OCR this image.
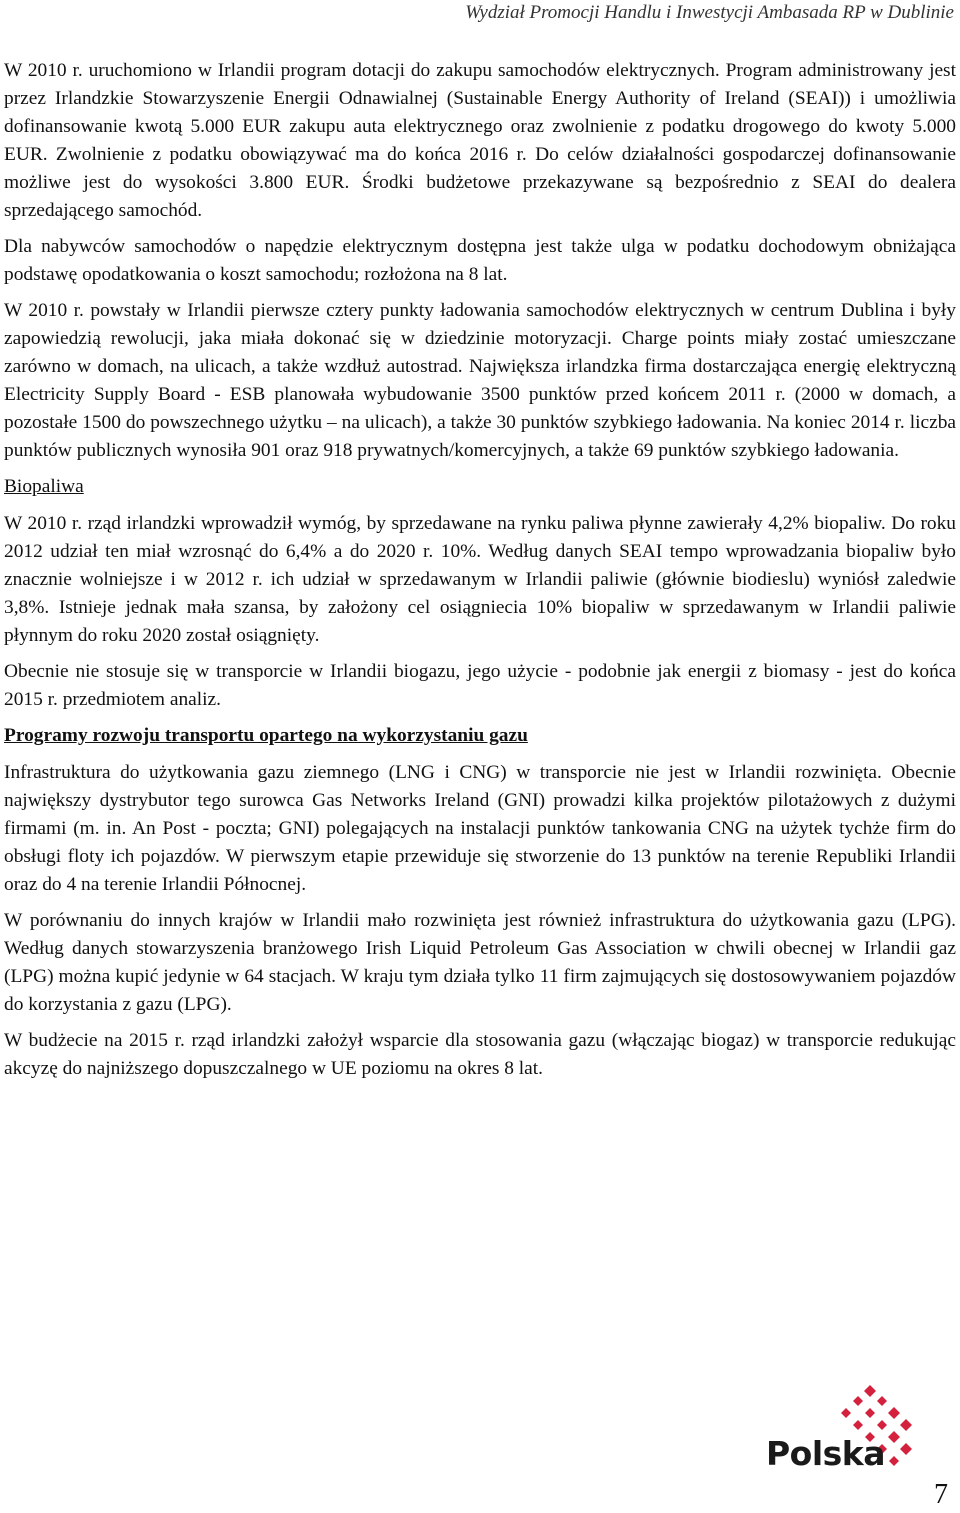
Wydział Promocji Handlu i Inwestycji Ambasada RP w Dublinie

W 2010 r. uruchomiono w Irlandii program dotacji do zakupu samochodów elektrycznych. Program administrowany jest przez Irlandzkie Stowarzyszenie Energii Odnawialnej (Sustainable Energy Authority of Ireland (SEAI)) i umożliwia dofinansowanie kwotą 5.000 EUR zakupu auta elektrycznego oraz zwolnienie z podatku drogowego do kwoty 5.000 EUR. Zwolnienie z podatku obowiązywać ma do końca 2016 r. Do celów działalności gospodarczej dofinansowanie możliwe jest do wysokości 3.800 EUR. Środki budżetowe przekazywane są bezpośrednio z SEAI do dealera sprzedającego samochód.

Dla nabywców samochodów o napędzie elektrycznym dostępna jest także ulga w podatku dochodowym obniżająca podstawę opodatkowania o koszt samochodu; rozłożona na 8 lat.

W 2010 r. powstały w Irlandii pierwsze cztery punkty ładowania samochodów elektrycznych w centrum Dublina i były zapowiedzią rewolucji, jaka miała dokonać się w dziedzinie motoryzacji. Charge points miały zostać umieszczane zarówno w domach, na ulicach, a także wzdłuż autostrad. Największa irlandzka firma dostarczająca energię elektryczną Electricity Supply Board - ESB planowała wybudowanie 3500 punktów przed końcem 2011 r. (2000 w domach, a pozostałe 1500 do powszechnego użytku – na ulicach), a także 30 punktów szybkiego ładowania. Na koniec 2014 r. liczba punktów publicznych wynosiła 901 oraz 918 prywatnych/komercyjnych, a także 69 punktów szybkiego ładowania.

Biopaliwa

W 2010 r. rząd irlandzki wprowadził wymóg, by sprzedawane na rynku paliwa płynne zawierały 4,2% biopaliw. Do roku 2012 udział ten miał wzrosnąć do 6,4% a do 2020 r. 10%. Według danych SEAI tempo wprowadzania biopaliw było znacznie wolniejsze i w 2012 r. ich udział w sprzedawanym w Irlandii paliwie (głównie biodieslu) wyniósł zaledwie 3,8%. Istnieje jednak mała szansa, by założony cel osiągniecia 10% biopaliw w sprzedawanym w Irlandii paliwie płynnym do roku 2020 został osiągnięty.

Obecnie nie stosuje się w transporcie w Irlandii biogazu, jego użycie - podobnie jak energii z biomasy - jest do końca 2015 r. przedmiotem analiz.

Programy rozwoju transportu opartego na wykorzystaniu gazu

Infrastruktura do użytkowania gazu ziemnego (LNG i CNG) w transporcie nie jest w Irlandii rozwinięta. Obecnie największy dystrybutor tego surowca Gas Networks Ireland (GNI) prowadzi kilka projektów pilotażowych z dużymi firmami (m. in. An Post - poczta; GNI) polegających na instalacji punktów tankowania CNG na użytek tychże firm do obsługi floty ich pojazdów. W pierwszym etapie przewiduje się stworzenie do 13 punktów na terenie Republiki Irlandii oraz do 4 na terenie Irlandii Północnej.

W porównaniu do innych krajów w Irlandii mało rozwinięta jest również infrastruktura do użytkowania gazu (LPG). Według danych stowarzyszenia branżowego Irish Liquid Petroleum Gas Association w chwili obecnej w Irlandii gaz (LPG) można kupić jedynie w 64 stacjach. W kraju tym działa tylko 11 firm zajmujących się dostosowywaniem pojazdów do korzystania z gazu (LPG).

W budżecie na 2015 r. rząd irlandzki założył wsparcie dla stosowania gazu (włączając biogaz) w transporcie redukując akcyzę do najniższego dopuszczalnego w UE poziomu na okres 8 lat.

Polska
7
